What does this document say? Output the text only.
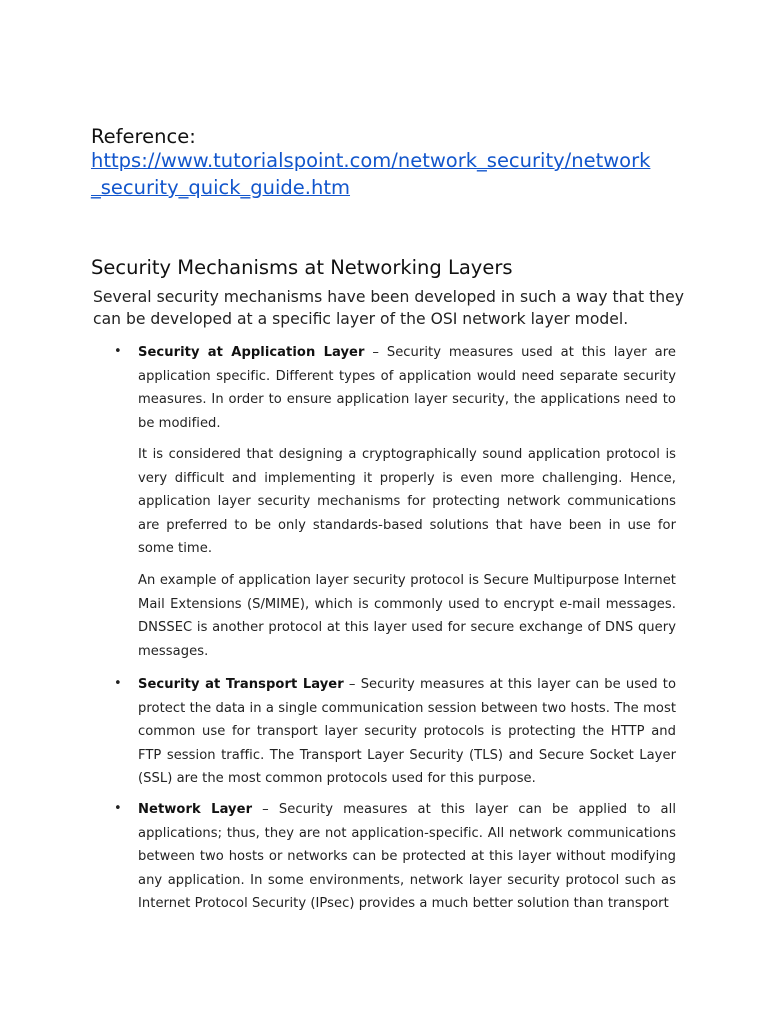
Reference:
https://www.tutorialspoint.com/network_security/network
_security_quick_guide.htm
Security Mechanisms at Networking Layers

Several security mechanisms have been developed in such a way that they can be developed at a specific layer of the OSI network layer model.

• Security at Application Layer – Security measures used at this layer are application specific. Different types of application would need separate security measures. In order to ensure application layer security, the applications need to be modified.

It is considered that designing a cryptographically sound application protocol is very difficult and implementing it properly is even more challenging. Hence, application layer security mechanisms for protecting network communications are preferred to be only standards-based solutions that have been in use for some time.

An example of application layer security protocol is Secure Multipurpose Internet Mail Extensions (S/MIME), which is commonly used to encrypt e-mail messages. DNSSEC is another protocol at this layer used for secure exchange of DNS query messages.

• Security at Transport Layer – Security measures at this layer can be used to protect the data in a single communication session between two hosts. The most common use for transport layer security protocols is protecting the HTTP and FTP session traffic. The Transport Layer Security (TLS) and Secure Socket Layer (SSL) are the most common protocols used for this purpose.

• Network Layer – Security measures at this layer can be applied to all applications; thus, they are not application-specific. All network communications between two hosts or networks can be protected at this layer without modifying any application. In some environments, network layer security protocol such as Internet Protocol Security (IPsec) provides a much better solution than transport
